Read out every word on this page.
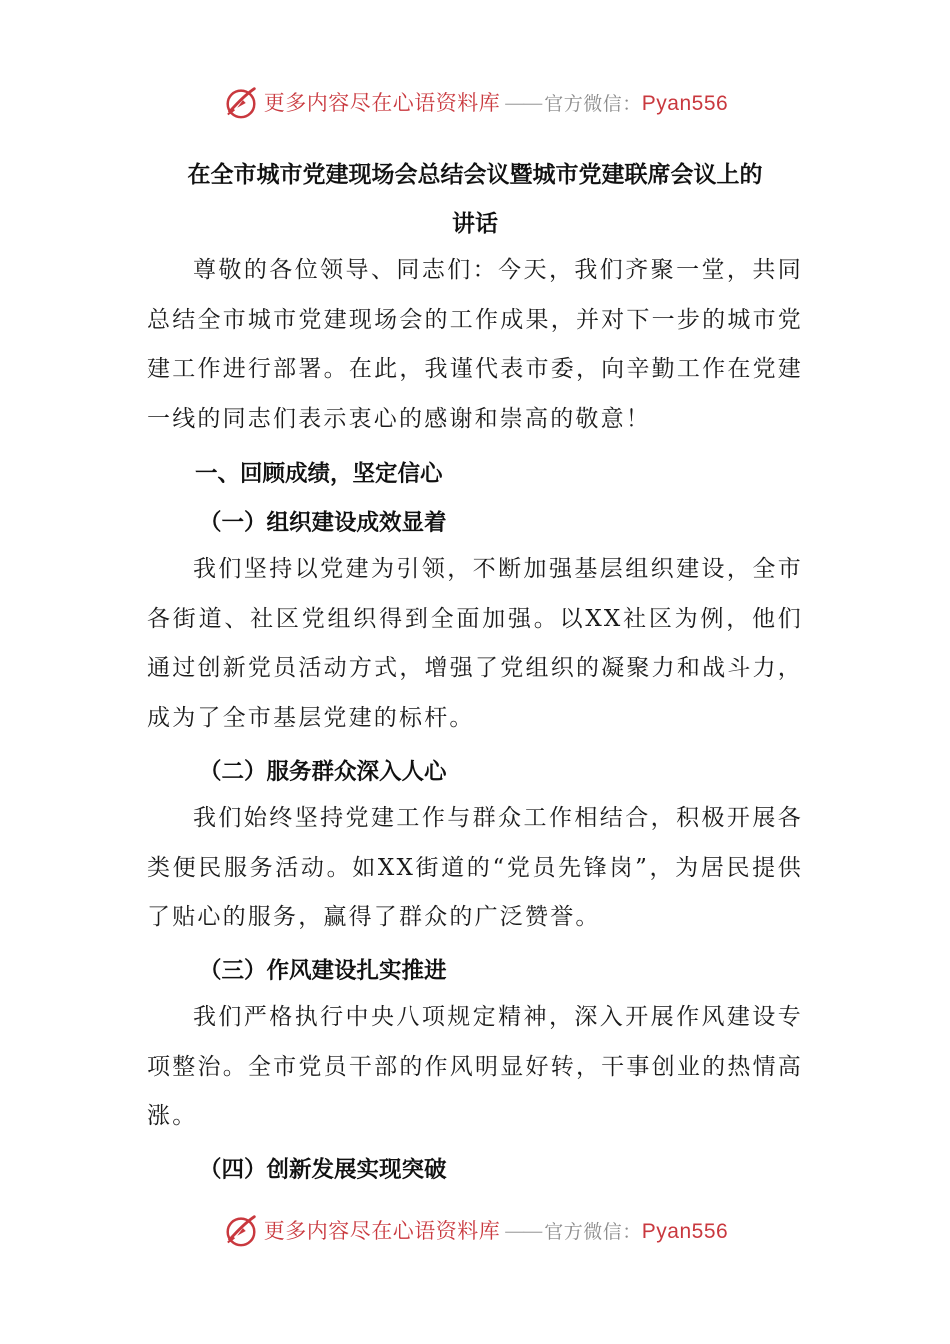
更多内容尽在心语资料库 —— 官方微信：Pyan556
在全市城市党建现场会总结会议暨城市党建联席会议上的
讲话

尊敬的各位领导、同志们：今天，我们齐聚一堂，共同总结全市城市党建现场会的工作成果，并对下一步的城市党建工作进行部署。在此，我谨代表市委，向辛勤工作在党建一线的同志们表示衷心的感谢和崇高的敬意！

一、回顾成绩，坚定信心

（一）组织建设成效显着

我们坚持以党建为引领，不断加强基层组织建设，全市各街道、社区党组织得到全面加强。以XX社区为例，他们通过创新党员活动方式，增强了党组织的凝聚力和战斗力，成为了全市基层党建的标杆。

（二）服务群众深入人心

我们始终坚持党建工作与群众工作相结合，积极开展各类便民服务活动。如XX街道的“党员先锋岗”，为居民提供了贴心的服务，赢得了群众的广泛赞誉。

（三）作风建设扎实推进

我们严格执行中央八项规定精神，深入开展作风建设专项整治。全市党员干部的作风明显好转，干事创业的热情高涨。

（四）创新发展实现突破

更多内容尽在心语资料库 —— 官方微信：Pyan556
